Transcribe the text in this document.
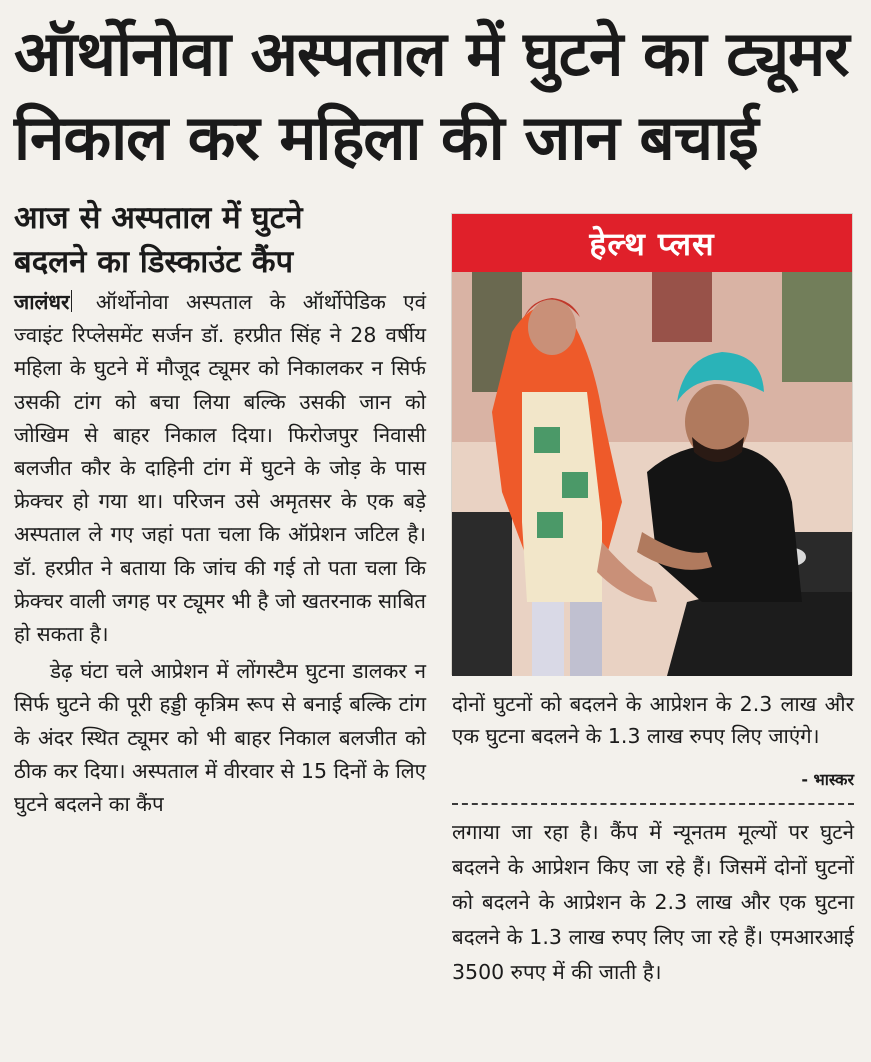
ऑर्थोनोवा अस्पताल में घुटने का ट्यूमर
निकाल कर महिला की जान बचाई
आज से अस्पताल में घुटने
बदलने का डिस्काउंट कैंप

जालंधर ऑर्थोनोवा अस्पताल के ऑर्थोपेडिक एवं ज्वाइंट रिप्लेसमेंट सर्जन डॉ. हरप्रीत सिंह ने 28 वर्षीय महिला के घुटने में मौजूद ट्यूमर को निकालकर न सिर्फ उसकी टांग को बचा लिया बल्कि उसकी जान को जोखिम से बाहर निकाल दिया। फिरोजपुर निवासी बलजीत कौर के दाहिनी टांग में घुटने के जोड़ के पास फ्रेक्चर हो गया था। परिजन उसे अमृतसर के एक बड़े अस्पताल ले गए जहां पता चला कि ऑप्रेशन जटिल है। डॉ. हरप्रीत ने बताया कि जांच की गई तो पता चला कि फ्रेक्चर वाली जगह पर ट्यूमर भी है जो खतरनाक साबित हो सकता है।

डेढ़ घंटा चले आप्रेशन में लोंगस्टैम घुटना डालकर न सिर्फ घुटने की पूरी हड्डी कृत्रिम रूप से बनाई बल्कि टांग के अंदर स्थित ट्यूमर को भी बाहर निकाल बलजीत को ठीक कर दिया। अस्पताल में वीरवार से 15 दिनों के लिए घुटने बदलने का कैंप

हेल्थ प्लस
दोनों घुटनों को बदलने के आप्रेशन के 2.3 लाख और एक घुटना बदलने के 1.3 लाख रुपए लिए जाएंगे।
- भास्कर

लगाया जा रहा है। कैंप में न्यूनतम मूल्यों पर घुटने बदलने के आप्रेशन किए जा रहे हैं। जिसमें दोनों घुटनों को बदलने के आप्रेशन के 2.3 लाख और एक घुटना बदलने के 1.3 लाख रुपए लिए जा रहे हैं। एमआरआई 3500 रुपए में की जाती है।
